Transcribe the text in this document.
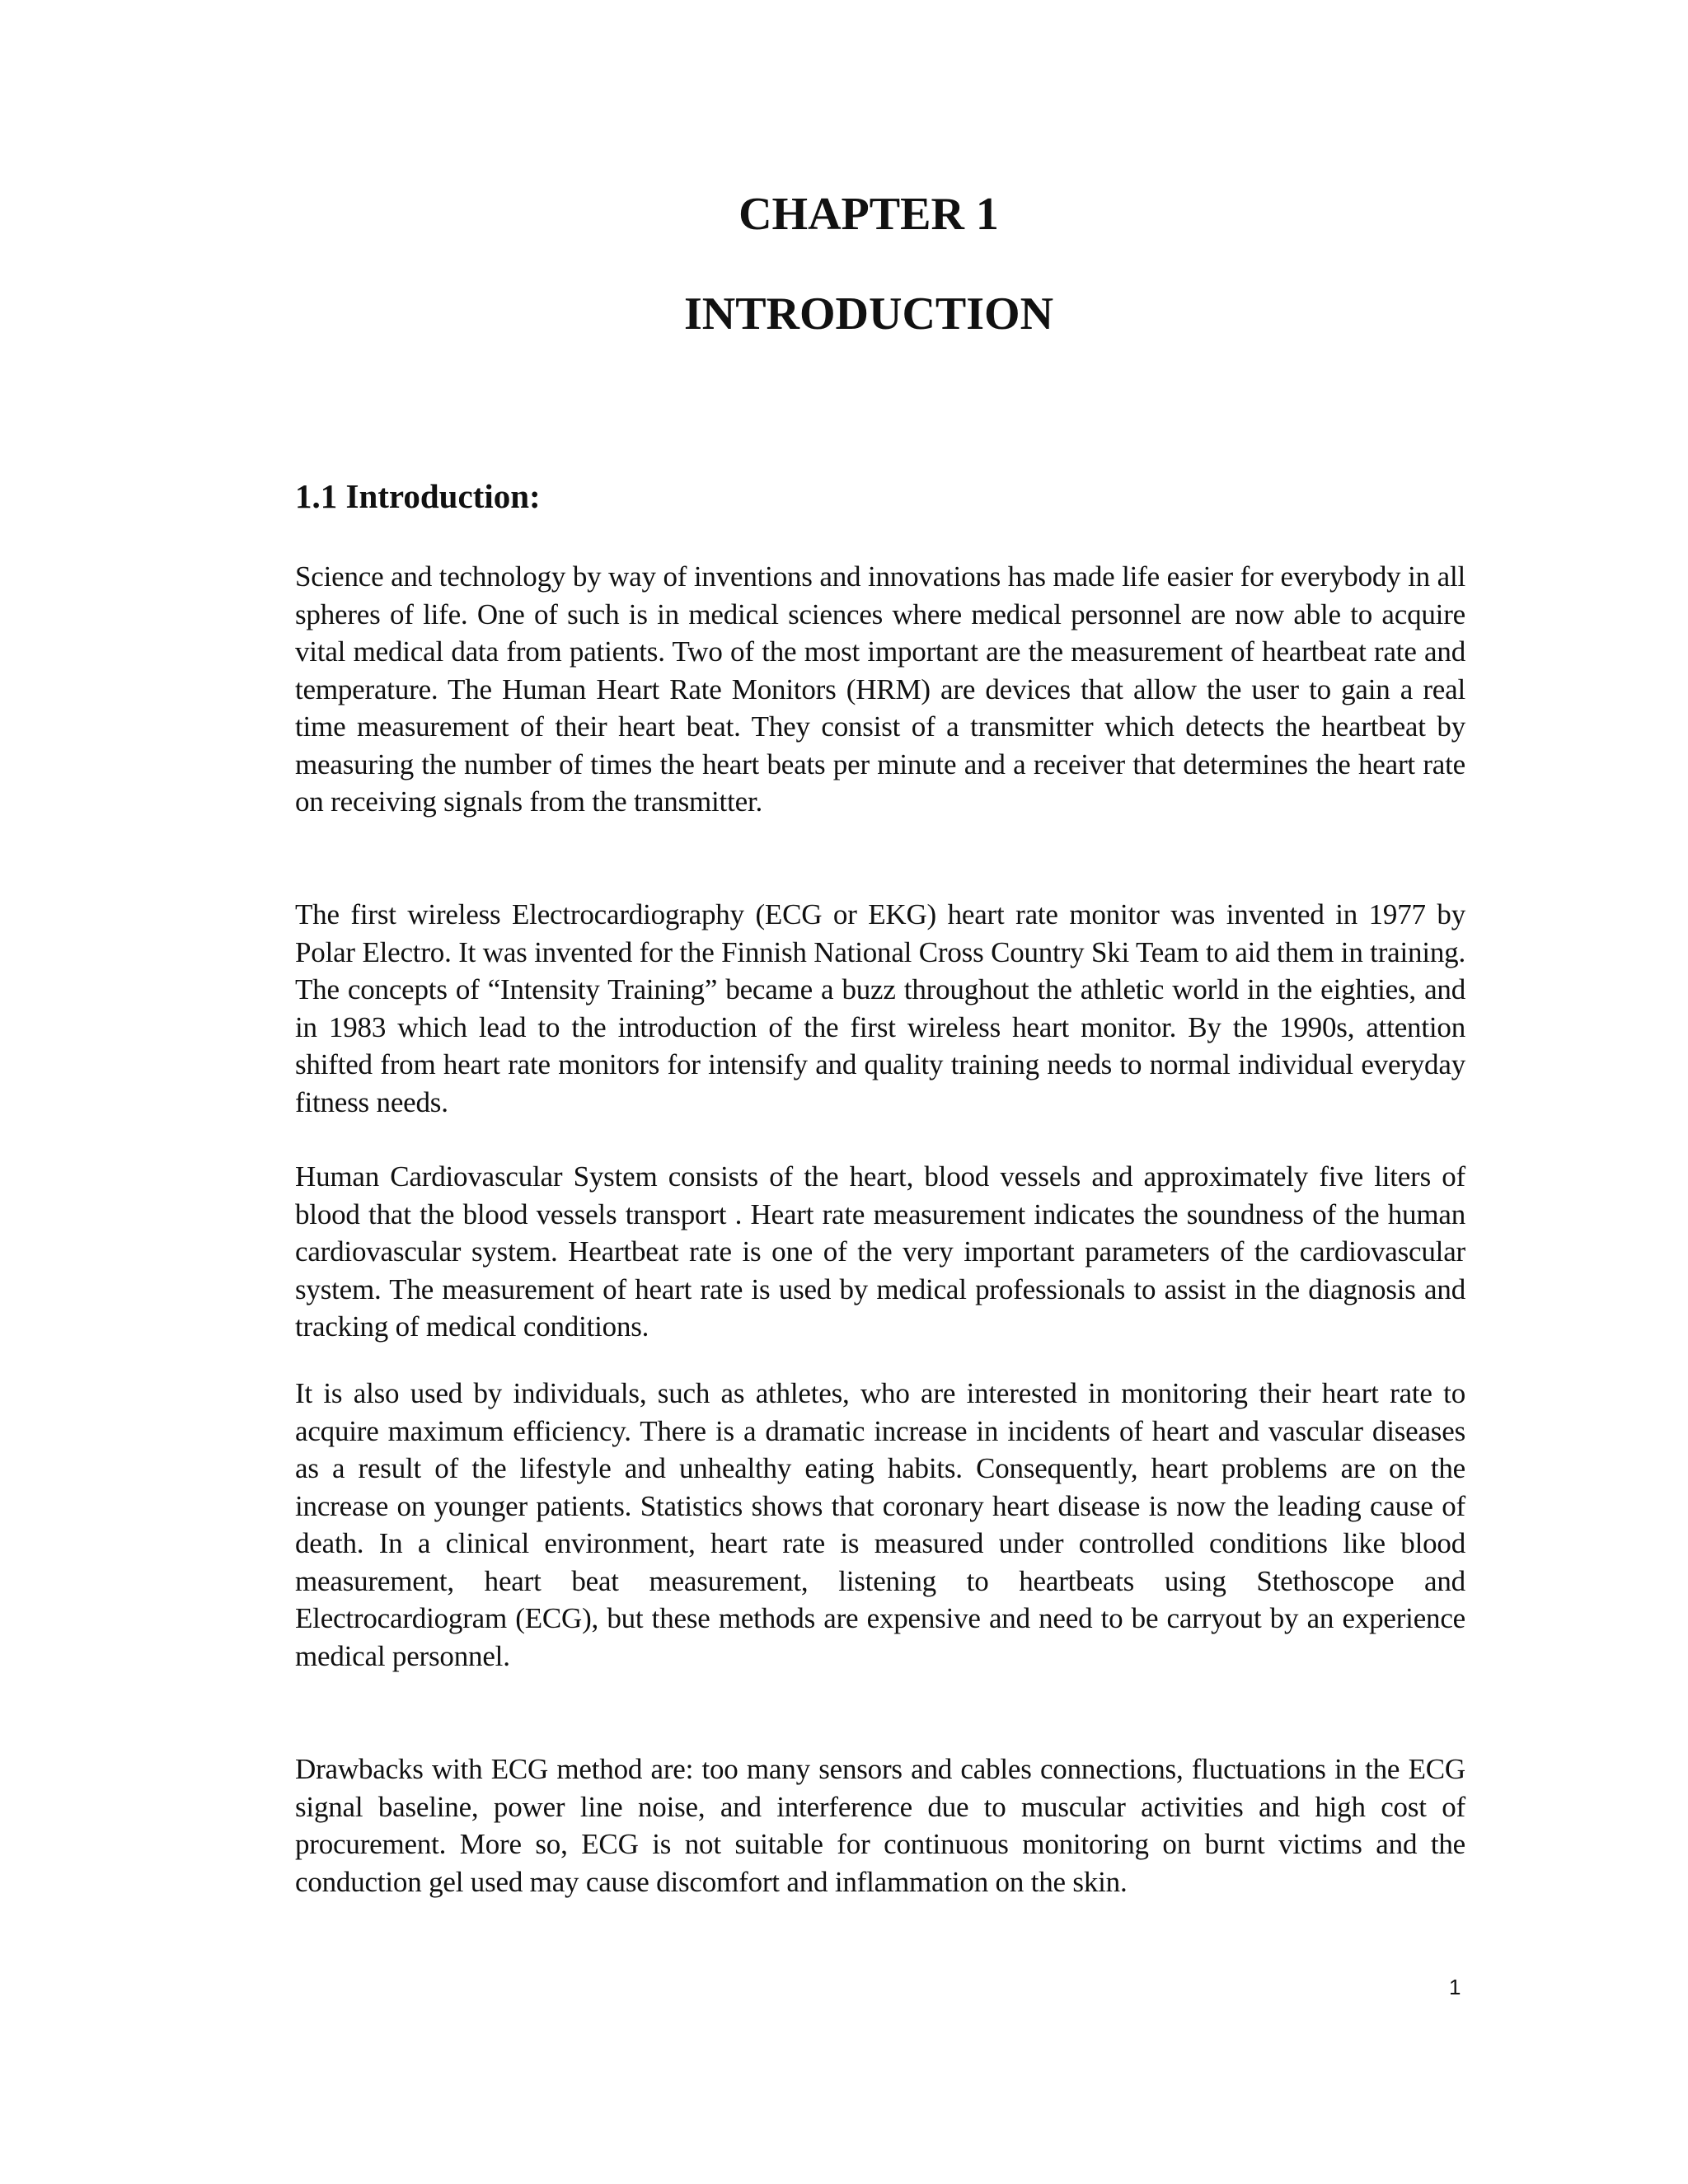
CHAPTER 1
INTRODUCTION
1.1 Introduction:

Science and technology by way of inventions and innovations has made life easier for everybody in all spheres of life. One of such is in medical sciences where medical personnel are now able to acquire vital medical data from patients. Two of the most important are the measurement of heartbeat rate and temperature. The Human Heart Rate Monitors (HRM) are devices that allow the user to gain a real time measurement of their heart beat. They consist of a transmitter which detects the heartbeat by measuring the number of times the heart beats per minute and a receiver that determines the heart rate on receiving signals from the transmitter.

The first wireless Electrocardiography (ECG or EKG) heart rate monitor was invented in 1977 by Polar Electro. It was invented for the Finnish National Cross Country Ski Team to aid them in training. The concepts of “Intensity Training” became a buzz throughout the athletic world in the eighties, and in 1983 which lead to the introduction of the first wireless heart monitor. By the 1990s, attention shifted from heart rate monitors for intensify and quality training needs to normal individual everyday fitness needs.

Human Cardiovascular System consists of the heart, blood vessels and approximately five liters of blood that the blood vessels transport . Heart rate measurement indicates the soundness of the human cardiovascular system. Heartbeat rate is one of the very important parameters of the cardiovascular system. The measurement of heart rate is used by medical professionals to assist in the diagnosis and tracking of medical conditions.

It is also used by individuals, such as athletes, who are interested in monitoring their heart rate to acquire maximum efficiency. There is a dramatic increase in incidents of heart and vascular diseases as a result of the lifestyle and unhealthy eating habits. Consequently, heart problems are on the increase on younger patients. Statistics shows that coronary heart disease is now the leading cause of death. In a clinical environment, heart rate is measured under controlled conditions like blood measurement, heart beat measurement, listening to heartbeats using Stethoscope and Electrocardiogram (ECG), but these methods are expensive and need to be carryout by an experience medical personnel.

Drawbacks with ECG method are: too many sensors and cables connections, fluctuations in the ECG signal baseline, power line noise, and interference due to muscular activities and high cost of procurement. More so, ECG is not suitable for continuous monitoring on burnt victims and the conduction gel used may cause discomfort and inflammation on the skin.

1
